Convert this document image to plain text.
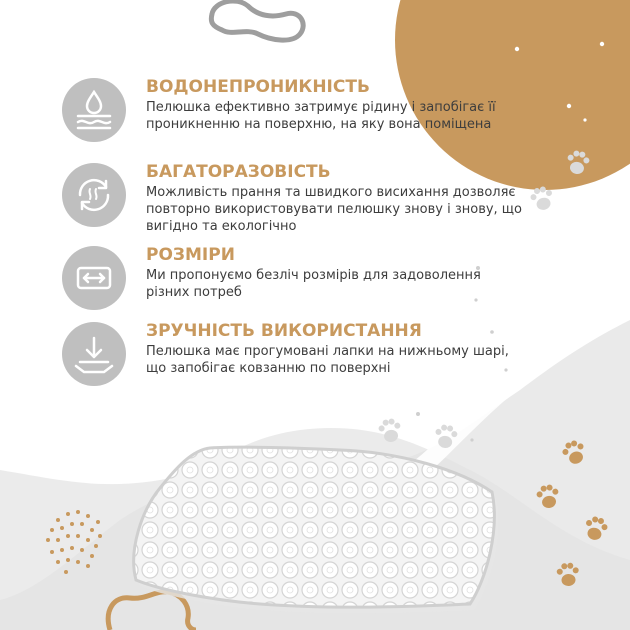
ВОДОНЕПРОНИКНІСТЬ

Пелюшка ефективно затримує рідину і запобігає її проникненню на поверхню, на яку вона поміщена

БАГАТОРАЗОВІСТЬ

Можливість прання та швидкого висихання дозволяє повторно використовувати пелюшку знову і знову, що вигідно та екологічно

РОЗМІРИ

Ми пропонуємо безліч розмірів для задоволення різних потреб

ЗРУЧНІСТЬ ВИКОРИСТАННЯ

Пелюшка має прогумовані лапки на нижньому шарі, що запобігає ковзанню по поверхні
